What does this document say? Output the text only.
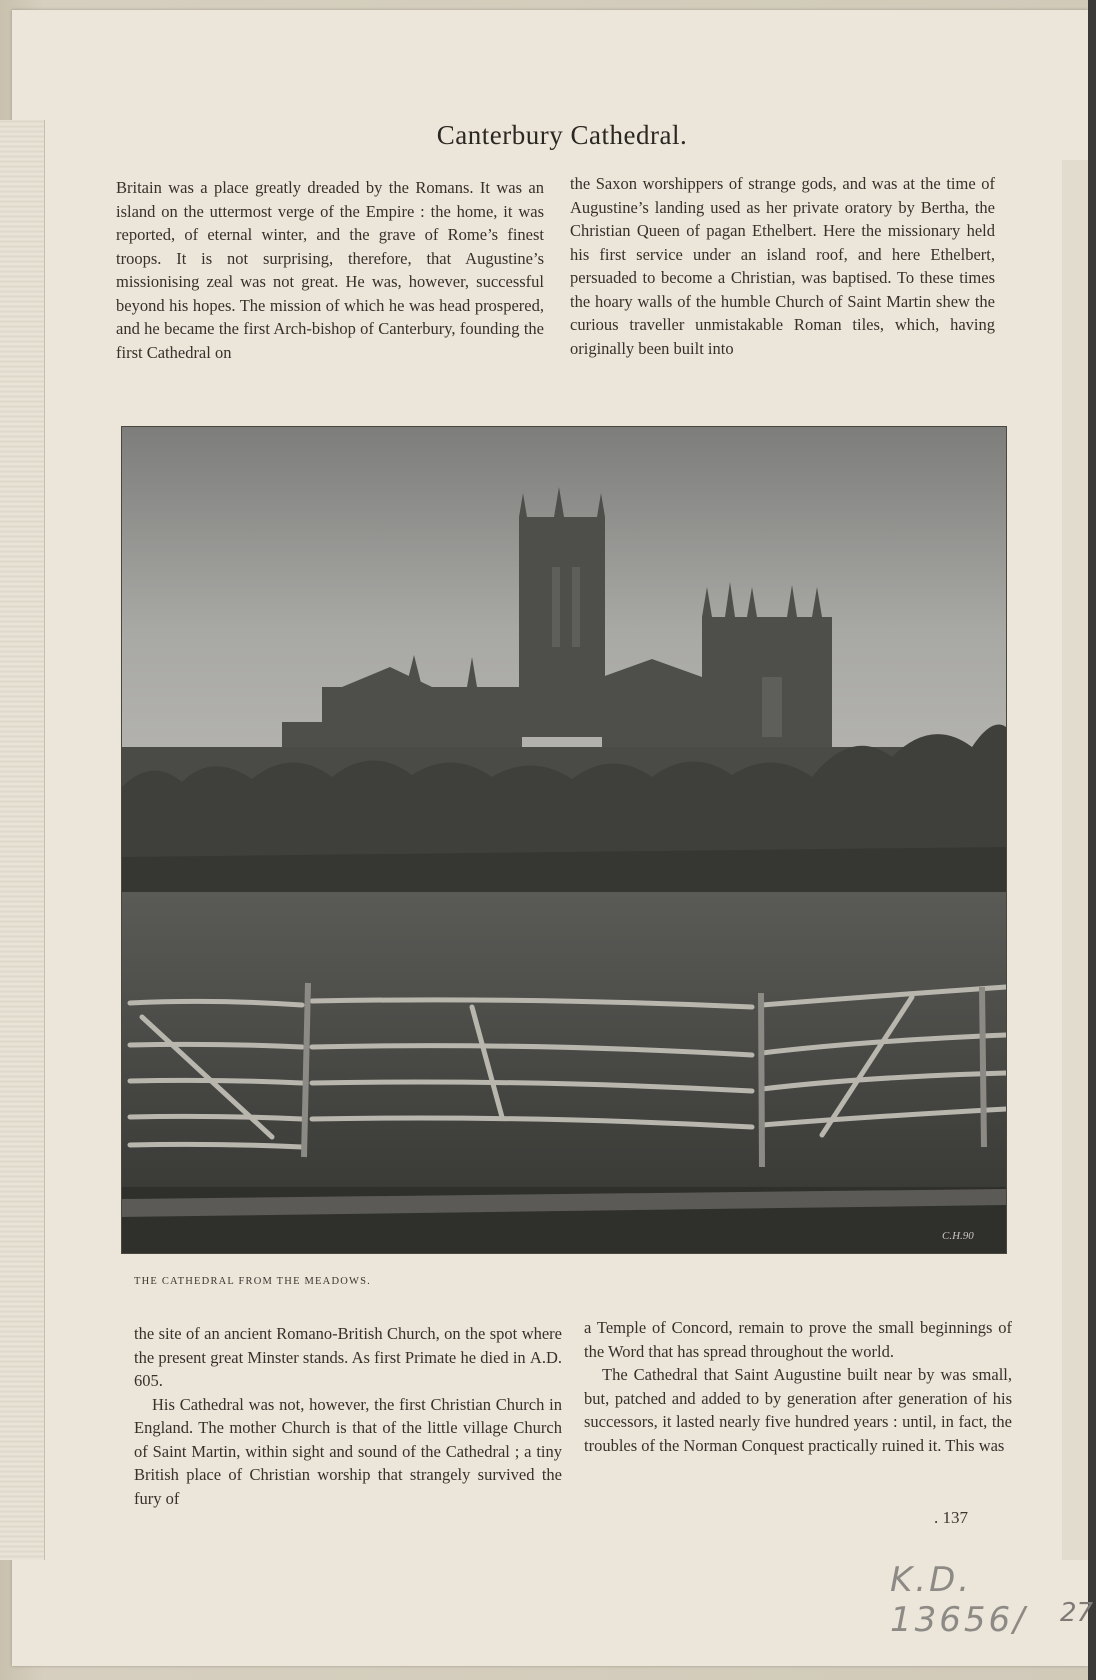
Canterbury Cathedral.

Britain was a place greatly dreaded by the Romans. It was an island on the uttermost verge of the Empire : the home, it was reported, of eternal winter, and the grave of Rome’s finest troops. It is not surprising, therefore, that Augustine’s missionising zeal was not great. He was, however, successful beyond his hopes. The mission of which he was head prospered, and he became the first Arch-bishop of Canterbury, founding the first Cathedral on

the Saxon worshippers of strange gods, and was at the time of Augustine’s landing used as her private oratory by Bertha, the Christian Queen of pagan Ethelbert. Here the missionary held his first service under an island roof, and here Ethelbert, persuaded to become a Christian, was baptised. To these times the hoary walls of the humble Church of Saint Martin shew the curious traveller unmistakable Roman tiles, which, having originally been built into

C.H.90
THE CATHEDRAL FROM THE MEADOWS.

the site of an ancient Romano-British Church, on the spot where the present great Minster stands. As first Primate he died in A.D. 605.

His Cathedral was not, however, the first Christian Church in England. The mother Church is that of the little village Church of Saint Martin, within sight and sound of the Cathedral ; a tiny British place of Christian worship that strangely survived the fury of

a Temple of Concord, remain to prove the small beginnings of the Word that has spread throughout the world.

The Cathedral that Saint Augustine built near by was small, but, patched and added to by generation after generation of his successors, it lasted nearly five hundred years : until, in fact, the troubles of the Norman Conquest practically ruined it. This was

. 137
K.D. 13656/	27
